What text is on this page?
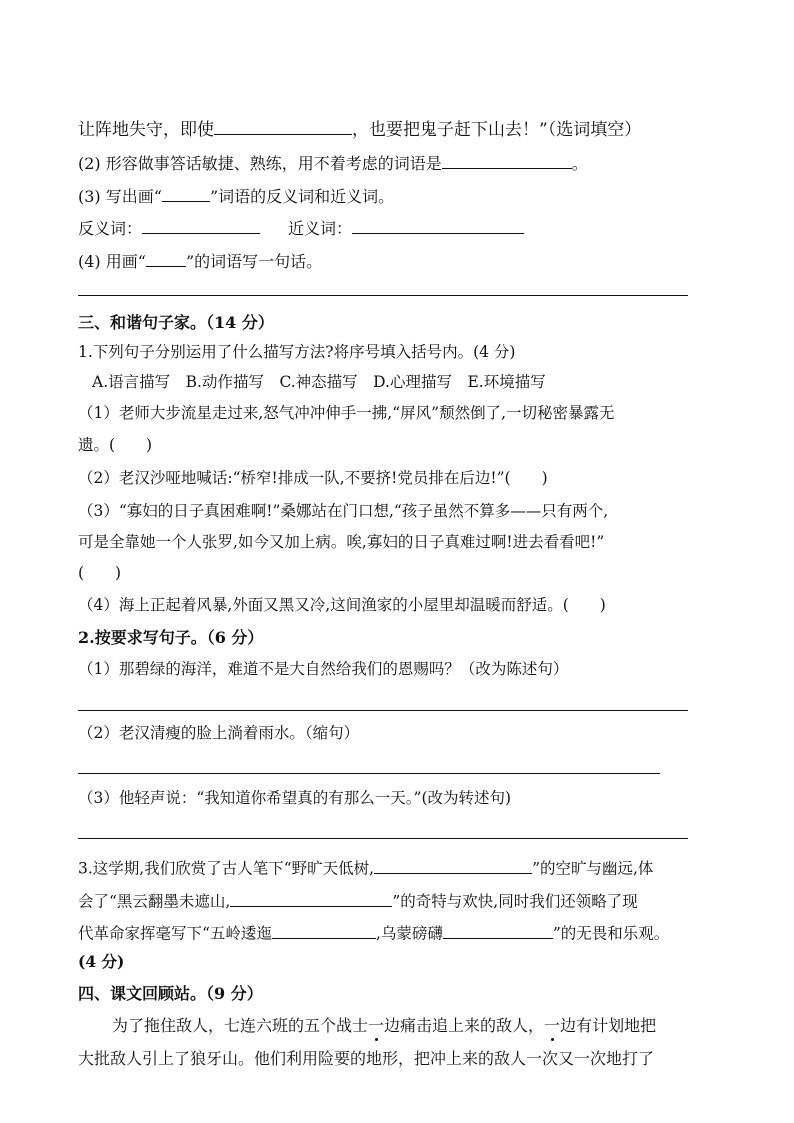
让阵地失守，即使	，也要把鬼子赶下山去！”（选词填空）
(2) 形容做事答话敏捷、熟练，用不着考虑的词语是	。
(3) 写出画“	”词语的反义词和近义词。
反义词：	近义词：
(4) 用画“	”的词语写一句话。
三、和谐句子家。（14 分）
1.下列句子分别运用了什么描写方法?将序号填入括号内。(4 分)
A.语言描写　B.动作描写　C.神态描写　D.心理描写　E.环境描写
（1）老师大步流星走过来,怒气冲冲伸手一拂,“屏风”颓然倒了,一切秘密暴露无
遗。(　　)
（2）老汉沙哑地喊话:“桥窄!排成一队,不要挤!党员排在后边!”(　　)
（3）“寡妇的日子真困难啊!”桑娜站在门口想,“孩子虽然不算多——只有两个,
可是全靠她一个人张罗,如今又加上病。唉,寡妇的日子真难过啊!进去看看吧!”
(　　)
（4）海上正起着风暴,外面又黑又冷,这间渔家的小屋里却温暖而舒适。(　　)
2.按要求写句子。（6 分）
（1）那碧绿的海洋，难道不是大自然给我们的恩赐吗？（改为陈述句）
（2）老汉清瘦的脸上淌着雨水。（缩句）
（3）他轻声说：“我知道你希望真的有那么一天。”(改为转述句)
3.这学期,我们欣赏了古人笔下“野旷天低树,	”的空旷与幽远,体
会了“黑云翻墨未遮山,	”的奇特与欢快,同时我们还领略了现
代革命家挥毫写下“五岭逶迤	,乌蒙磅礴	”的无畏和乐观。
(4 分)
四、课文回顾站。（9 分）
为了拖住敌人，七连六班的五个战士一边痛击追上来的敌人，一边有计划地把
大批敌人引上了狼牙山。他们利用险要的地形，把冲上来的敌人一次又一次地打了
